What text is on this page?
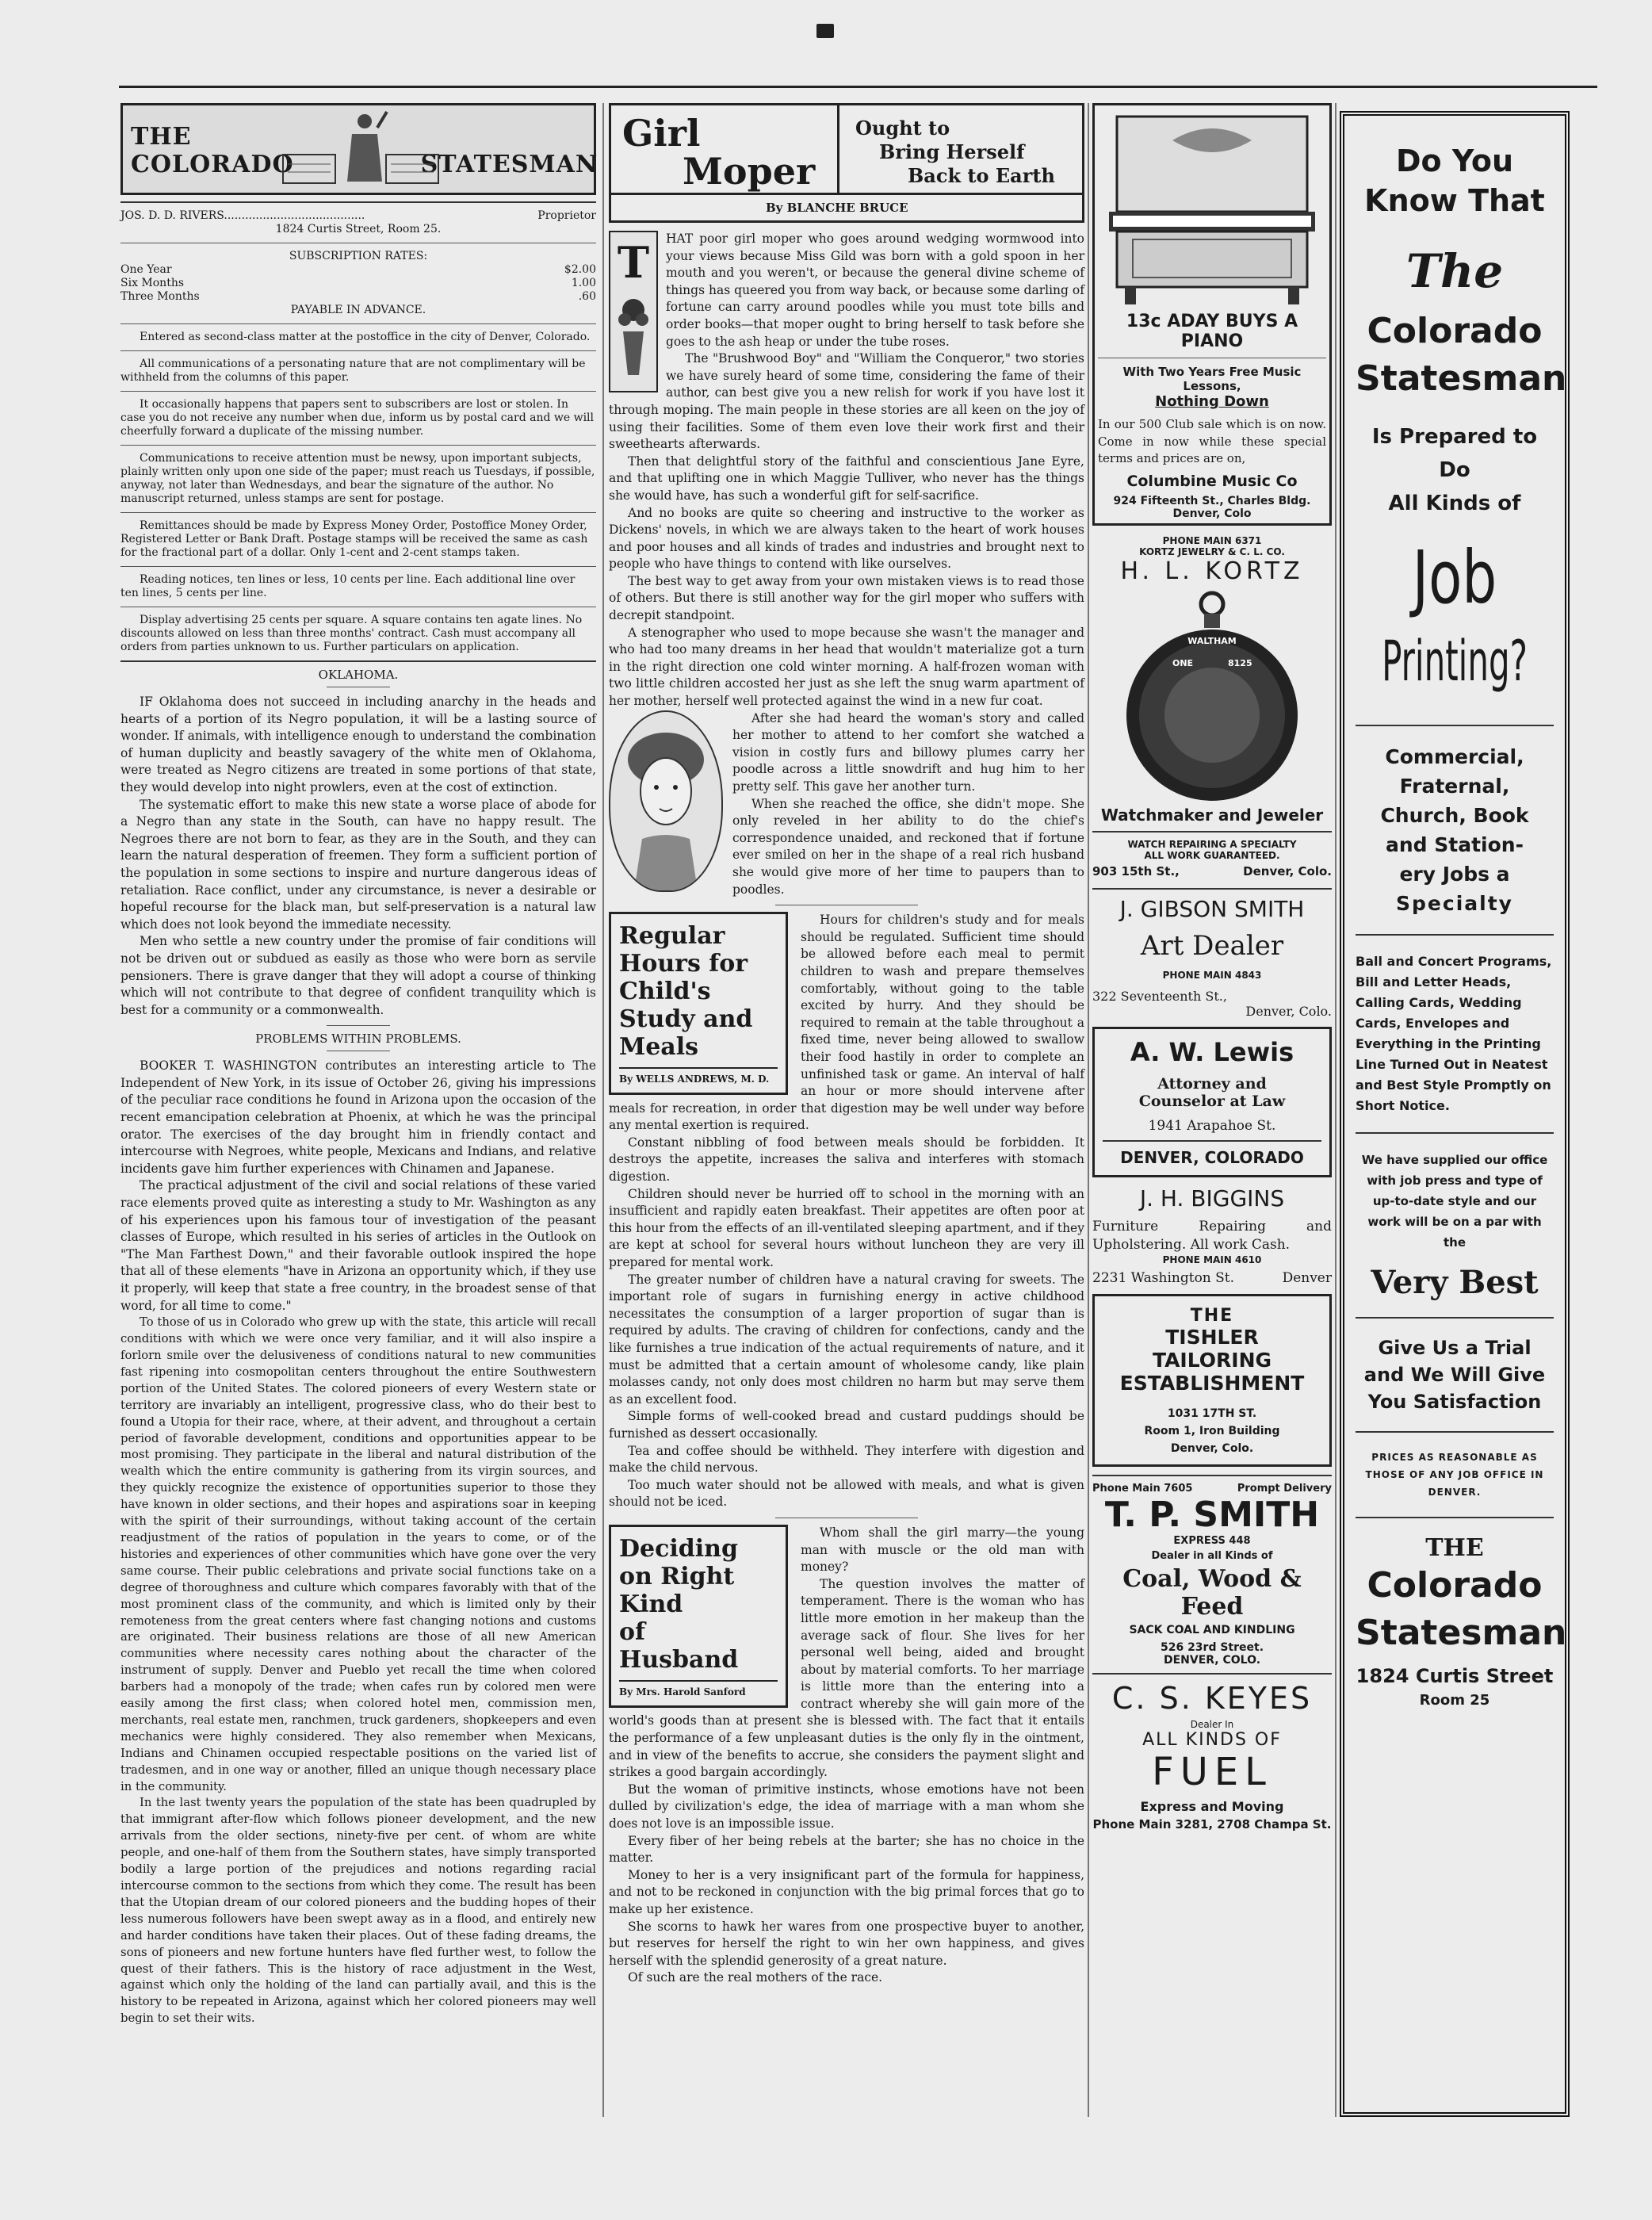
THE COLORADO	STATESMAN
JOS. D. D. RIVERS........................................	Proprietor

1824 Curtis Street, Room 25.

SUBSCRIPTION RATES:

One Year	$2.00
Six Months	1.00
Three Months	.60

PAYABLE IN ADVANCE.

Entered as second-class matter at the postoffice in the city of Denver, Colorado.

All communications of a personating nature that are not complimentary will be withheld from the columns of this paper.

It occasionally happens that papers sent to subscribers are lost or stolen. In case you do not receive any number when due, inform us by postal card and we will cheerfully forward a duplicate of the missing number.

Communications to receive attention must be newsy, upon important subjects, plainly written only upon one side of the paper; must reach us Tuesdays, if possible, anyway, not later than Wednesdays, and bear the signature of the author. No manuscript returned, unless stamps are sent for postage.

Remittances should be made by Express Money Order, Postoffice Money Order, Registered Letter or Bank Draft. Postage stamps will be received the same as cash for the fractional part of a dollar. Only 1-cent and 2-cent stamps taken.

Reading notices, ten lines or less, 10 cents per line. Each additional line over ten lines, 5 cents per line.

Display advertising 25 cents per square. A square contains ten agate lines. No discounts allowed on less than three months' contract. Cash must accompany all orders from parties unknown to us. Further particulars on application.

OKLAHOMA.

IF Oklahoma does not succeed in including anarchy in the heads and hearts of a portion of its Negro population, it will be a lasting source of wonder. If animals, with intelligence enough to understand the combination of human duplicity and beastly savagery of the white men of Oklahoma, were treated as Negro citizens are treated in some portions of that state, they would develop into night prowlers, even at the cost of extinction.

The systematic effort to make this new state a worse place of abode for a Negro than any state in the South, can have no happy result. The Negroes there are not born to fear, as they are in the South, and they can learn the natural desperation of freemen. They form a sufficient portion of the population in some sections to inspire and nurture dangerous ideas of retaliation. Race conflict, under any circumstance, is never a desirable or hopeful recourse for the black man, but self-preservation is a natural law which does not look beyond the immediate necessity.

Men who settle a new country under the promise of fair conditions will not be driven out or subdued as easily as those who were born as servile pensioners. There is grave danger that they will adopt a course of thinking which will not contribute to that degree of confident tranquility which is best for a community or a commonwealth.

PROBLEMS WITHIN PROBLEMS.

BOOKER T. WASHINGTON contributes an interesting article to The Independent of New York, in its issue of October 26, giving his impressions of the peculiar race conditions he found in Arizona upon the occasion of the recent emancipation celebration at Phoenix, at which he was the principal orator. The exercises of the day brought him in friendly contact and intercourse with Negroes, white people, Mexicans and Indians, and relative incidents gave him further experiences with Chinamen and Japanese.

The practical adjustment of the civil and social relations of these varied race elements proved quite as interesting a study to Mr. Washington as any of his experiences upon his famous tour of investigation of the peasant classes of Europe, which resulted in his series of articles in the Outlook on "The Man Farthest Down," and their favorable outlook inspired the hope that all of these elements "have in Arizona an opportunity which, if they use it properly, will keep that state a free country, in the broadest sense of that word, for all time to come."

To those of us in Colorado who grew up with the state, this article will recall conditions with which we were once very familiar, and it will also inspire a forlorn smile over the delusiveness of conditions natural to new communities fast ripening into cosmopolitan centers throughout the entire Southwestern portion of the United States. The colored pioneers of every Western state or territory are invariably an intelligent, progressive class, who do their best to found a Utopia for their race, where, at their advent, and throughout a certain period of favorable development, conditions and opportunities appear to be most promising. They participate in the liberal and natural distribution of the wealth which the entire community is gathering from its virgin sources, and they quickly recognize the existence of opportunities superior to those they have known in older sections, and their hopes and aspirations soar in keeping with the spirit of their surroundings, without taking account of the certain readjustment of the ratios of population in the years to come, or of the histories and experiences of other communities which have gone over the very same course. Their public celebrations and private social functions take on a degree of thoroughness and culture which compares favorably with that of the most prominent class of the community, and which is limited only by their remoteness from the great centers where fast changing notions and customs are originated. Their business relations are those of all new American communities where necessity cares nothing about the character of the instrument of supply. Denver and Pueblo yet recall the time when colored barbers had a monopoly of the trade; when cafes run by colored men were easily among the first class; when colored hotel men, commission men, merchants, real estate men, ranchmen, truck gardeners, shopkeepers and even mechanics were highly considered. They also remember when Mexicans, Indians and Chinamen occupied respectable positions on the varied list of tradesmen, and in one way or another, filled an unique though necessary place in the community.

In the last twenty years the population of the state has been quadrupled by that immigrant after-flow which follows pioneer development, and the new arrivals from the older sections, ninety-five per cent. of whom are white people, and one-half of them from the Southern states, have simply transported bodily a large portion of the prejudices and notions regarding racial intercourse common to the sections from which they come. The result has been that the Utopian dream of our colored pioneers and the budding hopes of their less numerous followers have been swept away as in a flood, and entirely new and harder conditions have taken their places. Out of these fading dreams, the sons of pioneers and new fortune hunters have fled further west, to follow the quest of their fathers. This is the history of race adjustment in the West, against which only the holding of the land can partially avail, and this is the history to be repeated in Arizona, against which her colored pioneers may well begin to set their wits.

Girl
Moper
Ought to
Bring Herself
Back to Earth
By BLANCHE BRUCE
T	HAT poor girl moper who goes around wedging wormwood into your views because Miss Gild was born with a gold spoon in her mouth and you weren't, or because the general divine scheme of things has queered you from way back, or because some darling of fortune can carry around poodles while you must tote bills and order books—that moper ought to bring herself to task before she goes to the ash heap or under the tube roses.

The "Brushwood Boy" and "William the Conqueror," two stories we have surely heard of some time, considering the fame of their author, can best give you a new relish for work if you have lost it through moping. The main people in these stories are all keen on the joy of using their facilities. Some of them even love their work first and their sweethearts afterwards.

Then that delightful story of the faithful and conscientious Jane Eyre, and that uplifting one in which Maggie Tulliver, who never has the things she would have, has such a wonderful gift for self-sacrifice.

And no books are quite so cheering and instructive to the worker as Dickens' novels, in which we are always taken to the heart of work houses and poor houses and all kinds of trades and industries and brought next to people who have things to contend with like ourselves.

The best way to get away from your own mistaken views is to read those of others. But there is still another way for the girl moper who suffers with decrepit standpoint.

A stenographer who used to mope because she wasn't the manager and who had too many dreams in her head that wouldn't materialize got a turn in the right direction one cold winter morning. A half-frozen woman with two little children accosted her just as she left the snug warm apartment of her mother, herself well protected against the wind in a new fur coat.

After she had heard the woman's story and called her mother to attend to her comfort she watched a vision in costly furs and billowy plumes carry her poodle across a little snowdrift and hug him to her pretty self. This gave her another turn.

When she reached the office, she didn't mope. She only reveled in her ability to do the chief's correspondence unaided, and reckoned that if fortune ever smiled on her in the shape of a real rich husband she would give more of her time to paupers than to poodles.

Regular
Hours for
Child's
Study and
Meals
By WELLS ANDREWS, M. D.

Hours for children's study and for meals should be regulated. Sufficient time should be allowed before each meal to permit children to wash and prepare themselves comfortably, without going to the table excited by hurry. And they should be required to remain at the table throughout a fixed time, never being allowed to swallow their food hastily in order to complete an unfinished task or game. An interval of half an hour or more should intervene after meals for recreation, in order that digestion may be well under way before any mental exertion is required.

Constant nibbling of food between meals should be forbidden. It destroys the appetite, increases the saliva and interferes with stomach digestion.

Children should never be hurried off to school in the morning with an insufficient and rapidly eaten breakfast. Their appetites are often poor at this hour from the effects of an ill-ventilated sleeping apartment, and if they are kept at school for several hours without luncheon they are very ill prepared for mental work.

The greater number of children have a natural craving for sweets. The important role of sugars in furnishing energy in active childhood necessitates the consumption of a larger proportion of sugar than is required by adults. The craving of children for confections, candy and the like furnishes a true indication of the actual requirements of nature, and it must be admitted that a certain amount of wholesome candy, like plain molasses candy, not only does most children no harm but may serve them as an excellent food.

Simple forms of well-cooked bread and custard puddings should be furnished as dessert occasionally.

Tea and coffee should be withheld. They interfere with digestion and make the child nervous.

Too much water should not be allowed with meals, and what is given should not be iced.

Deciding
on Right
Kind
of
Husband
By Mrs. Harold Sanford

Whom shall the girl marry—the young man with muscle or the old man with money?

The question involves the matter of temperament. There is the woman who has little more emotion in her makeup than the average sack of flour. She lives for her personal well being, aided and brought about by material comforts. To her marriage is little more than the entering into a contract whereby she will gain more of the world's goods than at present she is blessed with. The fact that it entails the performance of a few unpleasant duties is the only fly in the ointment, and in view of the benefits to accrue, she considers the payment slight and strikes a good bargain accordingly.

But the woman of primitive instincts, whose emotions have not been dulled by civilization's edge, the idea of marriage with a man whom she does not love is an impossible issue.

Every fiber of her being rebels at the barter; she has no choice in the matter.

Money to her is a very insignificant part of the formula for happiness, and not to be reckoned in conjunction with the big primal forces that go to make up her existence.

She scorns to hawk her wares from one prospective buyer to another, but reserves for herself the right to win her own happiness, and gives herself with the splendid generosity of a great nature.

Of such are the real mothers of the race.

13c ADAY BUYS A PIANO
With Two Years Free Music Lessons,
Nothing Down

In our 500 Club sale which is on now. Come in now while these special terms and prices are on,

Columbine Music Co
924 Fifteenth St., Charles Bldg. Denver, Colo
PHONE MAIN 6371
KORTZ JEWELRY & C. L. CO.
H. L. KORTZ
WALTHAM
ONE	8125
Watchmaker and Jeweler
WATCH REPAIRING A SPECIALTY
ALL WORK GUARANTEED.
903 15th St.,	Denver, Colo.
J. GIBSON SMITH
Art Dealer
PHONE MAIN 4843
322 Seventeenth St.,
Denver, Colo.
A. W. Lewis
Attorney and
Counselor at Law
1941 Arapahoe St.
DENVER, COLORADO
J. H. BIGGINS

Furniture Repairing and Upholstering. All work Cash.

PHONE MAIN 4610
2231 Washington St.	Denver
THE
TISHLER TAILORING
ESTABLISHMENT
1031 17TH ST.
Room 1, Iron Building
Denver, Colo.
Phone Main 7605	Prompt Delivery
T. P. SMITH
EXPRESS 448
Dealer in all Kinds of
Coal, Wood & Feed
SACK COAL AND KINDLING
526 23rd Street.
DENVER, COLO.
C. S. KEYES
Dealer In
ALL KINDS OF
FUEL
Express and Moving
Phone Main 3281, 2708 Champa St.
Do You
Know That
The
Colorado
Statesman
Is Prepared to Do
All Kinds of
Job
Printing?
Commercial,
Fraternal,
Church, Book
and Station-
ery Jobs a
Specialty

Ball and Concert Programs, Bill and Letter Heads, Calling Cards, Wedding Cards, Envelopes and Everything in the Printing Line Turned Out in Neatest and Best Style Promptly on Short Notice.

We have supplied our office with job press and type of up-to-date style and our work will be on a par with the

Very Best

Give Us a Trial and We Will Give You Satisfaction

PRICES AS REASONABLE AS THOSE OF ANY JOB OFFICE IN DENVER.

THE
Colorado
Statesman
1824 Curtis Street
Room 25
